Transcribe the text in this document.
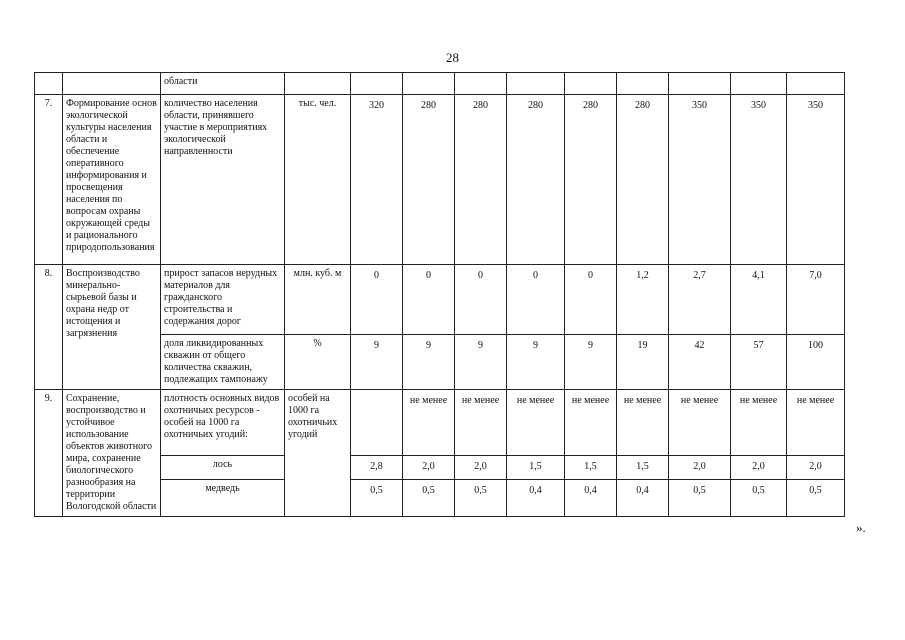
28
		области										
7.	Формирование основ экологической культуры населения области и обеспечение оперативного информирования и просвещения населения по вопросам охраны окружающей среды и рационального природопользования	количество населения области, принявшего участие в мероприятиях экологической направленности	тыс. чел.	320	280	280	280	280	280	350	350	350
8.	Воспроизводство минерально-сырьевой базы и охрана недр от истощения и загрязнения	прирост запасов нерудных материалов для гражданского строительства и содержания дорог	млн. куб. м	0	0	0	0	0	1,2	2,7	4,1	7,0
		доля ликвидированных скважин от общего количества скважин, подлежащих тампонажу	%	9	9	9	9	9	19	42	57	100
9.	Сохранение, воспроизводство и устойчивое использование объектов животного мира, сохранение биологического разнообразия на территории Вологодской области	плотность основных видов охотничьих ресурсов - особей на 1000 га охотничьих угодий:	особей на 1000 га охотничьих угодий		не менее	не менее	не менее	не менее	не менее	не менее	не менее	не менее
		лось		2,8	2,0	2,0	1,5	1,5	1,5	2,0	2,0	2,0
		медведь		0,5	0,5	0,5	0,4	0,4	0,4	0,5	0,5	0,5
».
